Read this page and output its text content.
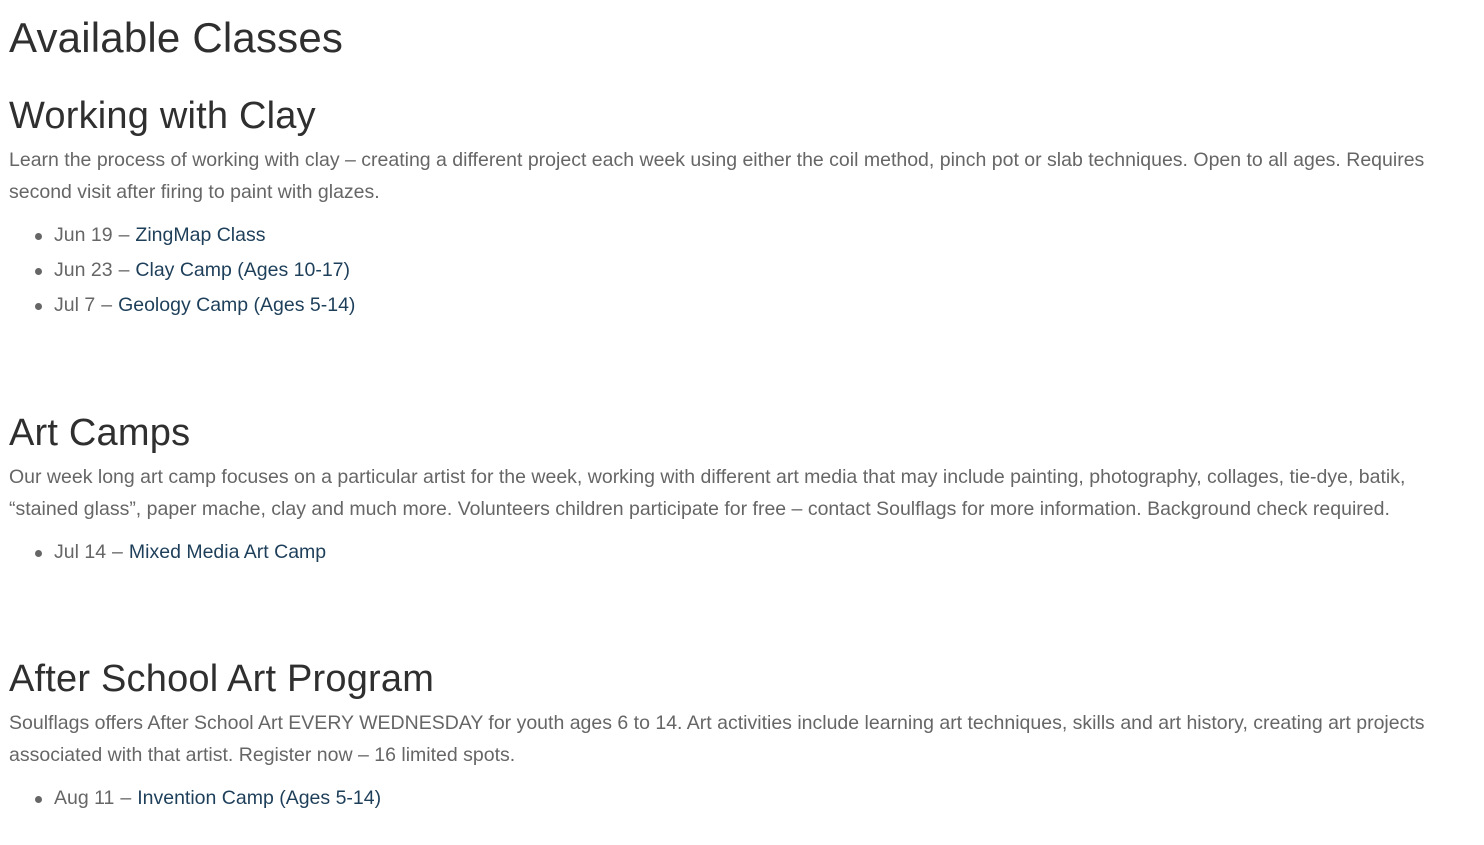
Available Classes
Working with Clay

Learn the process of working with clay – creating a different project each week using either the coil method, pinch pot or slab techniques. Open to all ages. Requires second visit after firing to paint with glazes.

Jun 19 – ZingMap Class
Jun 23 – Clay Camp (Ages 10-17)
Jul 7 – Geology Camp (Ages 5-14)
Art Camps

Our week long art camp focuses on a particular artist for the week, working with different art media that may include painting, photography, collages, tie-dye, batik, “stained glass”, paper mache, clay and much more. Volunteers children participate for free – contact Soulflags for more information. Background check required.

Jul 14 – Mixed Media Art Camp
After School Art Program

Soulflags offers After School Art EVERY WEDNESDAY for youth ages 6 to 14. Art activities include learning art techniques, skills and art history, creating art projects associated with that artist. Register now – 16 limited spots.

Aug 11 – Invention Camp (Ages 5-14)
